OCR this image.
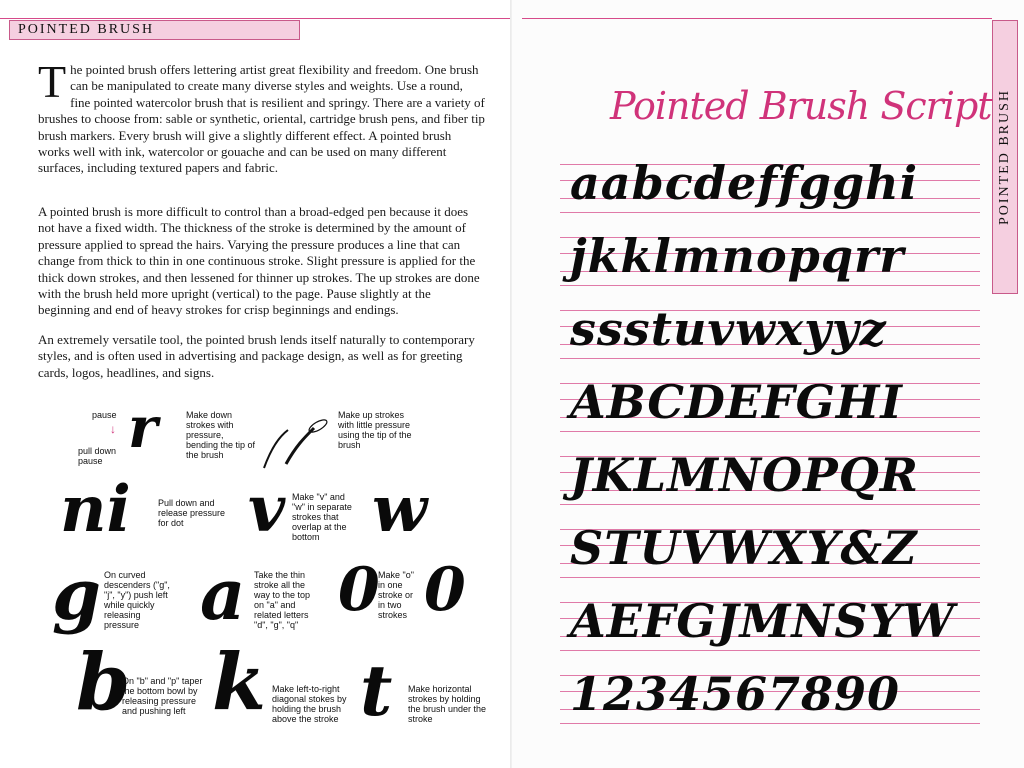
POINTED BRUSH

The pointed brush offers lettering artist great flexibility and freedom. One brush can be manipulated to create many diverse styles and weights. Use a round, fine pointed watercolor brush that is resilient and springy. There are a variety of brushes to choose from: sable or synthetic, oriental, cartridge brush pens, and fiber tip brush markers. Every brush will give a slightly different effect. A pointed brush works well with ink, watercolor or gouache and can be used on many different surfaces, including textured papers and fabric.

A pointed brush is more difficult to control than a broad-edged pen because it does not have a fixed width. The thickness of the stroke is determined by the amount of pressure applied to spread the hairs. Varying the pressure produces a line that can change from thick to thin in one continuous stroke. Slight pressure is applied for the thick down strokes, and then lessened for thinner up strokes. The up strokes are done with the brush held more upright (vertical) to the page. Pause slightly at the beginning and end of heavy strokes for crisp beginnings and endings.
An extremely versatile tool, the pointed brush lends itself naturally to contemporary styles, and is often used in advertising and package design, as well as for greeting cards, logos, headlines, and signs.
pause
↓
pull down pause r	Make down strokes with pressure, bending the tip of the brush
Make up strokes with little pressure using the tip of the brush
ni	Pull down and release pressure for dot	v Make "v" and "w" in separate strokes that overlap at the bottom w
g On curved descenders ("g", "j", "y") push left while quickly releasing pressure a Take the thin stroke all the way to the top on "a" and related letters "d", "g", "q" 0
Make "o" in one stroke or in two strokes 0
b
On "b" and "p" taper the bottom bowl by releasing pressure and pushing left k Make left-to-right diagonal stokes by holding the brush above the stroke t Make horizontal strokes by holding the brush under the stroke
POINTED BRUSH
Pointed Brush Script
aabcdeffgghi
jkklmnopqrr
ssstuvwxyyz
ABCDEFGHI
JKLMNOPQR
STUVWXY&Z
AEFGJMNSYW
1234567890
